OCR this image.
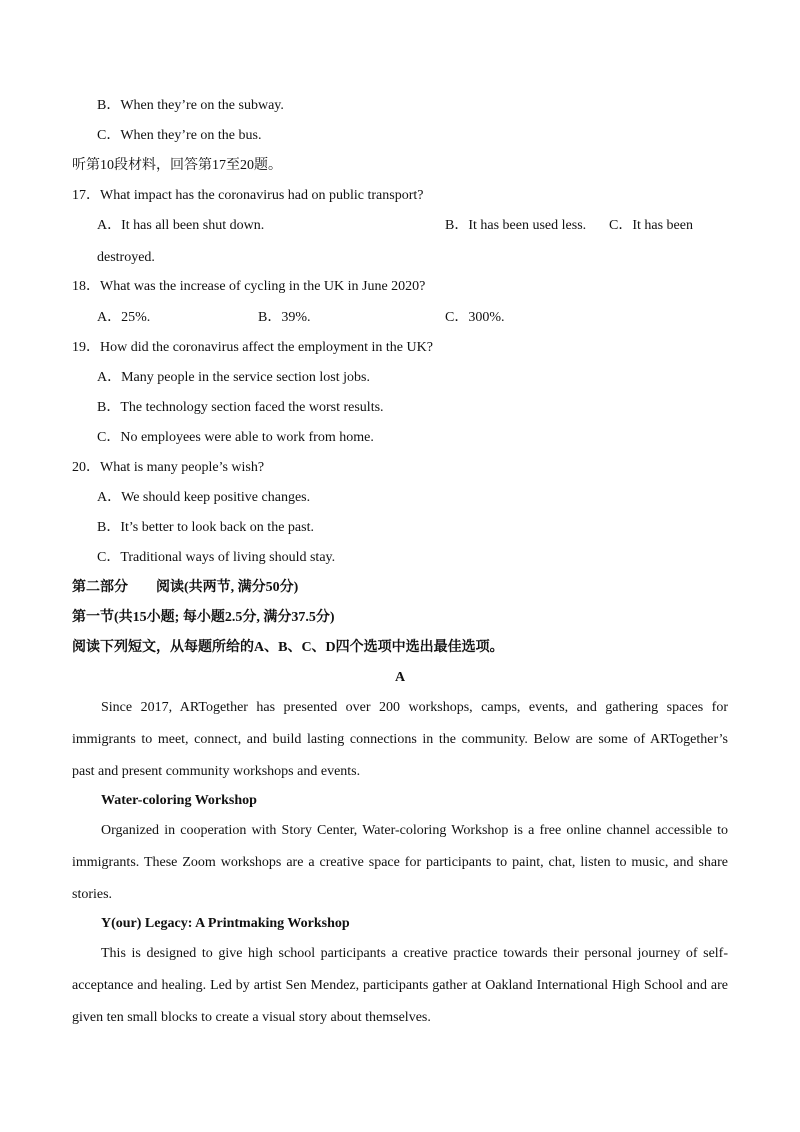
B．When they’re on the subway.
C．When they’re on the bus.
听第10段材料，回答第17至20题。
17．What impact has the coronavirus had on public transport?
A．It has all been shut down.	B．It has been used less. C．It has been
destroyed.
18．What was the increase of cycling in the UK in June 2020?
A．25%.	B．39%.	C．300%.
19．How did the coronavirus affect the employment in the UK?
A．Many people in the service section lost jobs.
B．The technology section faced the worst results.
C．No employees were able to work from home.
20．What is many people’s wish?
A．We should keep positive changes.
B．It’s better to look back on the past.
C．Traditional ways of living should stay.
第二部分　　阅读(共两节, 满分50分)
第一节(共15小题; 每小题2.5分, 满分37.5分)
阅读下列短文，从每题所给的A、B、C、D四个选项中选出最佳选项。
A
Since 2017, ARTogether has presented over 200 workshops, camps, events, and gathering spaces for
immigrants to meet, connect, and build lasting connections in the community. Below are some of ARTogether’s
past and present community workshops and events.
Water-coloring Workshop
Organized in cooperation with Story Center, Water-coloring Workshop is a free online channel accessible to
immigrants. These Zoom workshops are a creative space for participants to paint, chat, listen to music, and share
stories.
Y(our) Legacy: A Printmaking Workshop
This is designed to give high school participants a creative practice towards their personal journey of self-
acceptance and healing. Led by artist Sen Mendez, participants gather at Oakland International High School and are
given ten small blocks to create a visual story about themselves.
